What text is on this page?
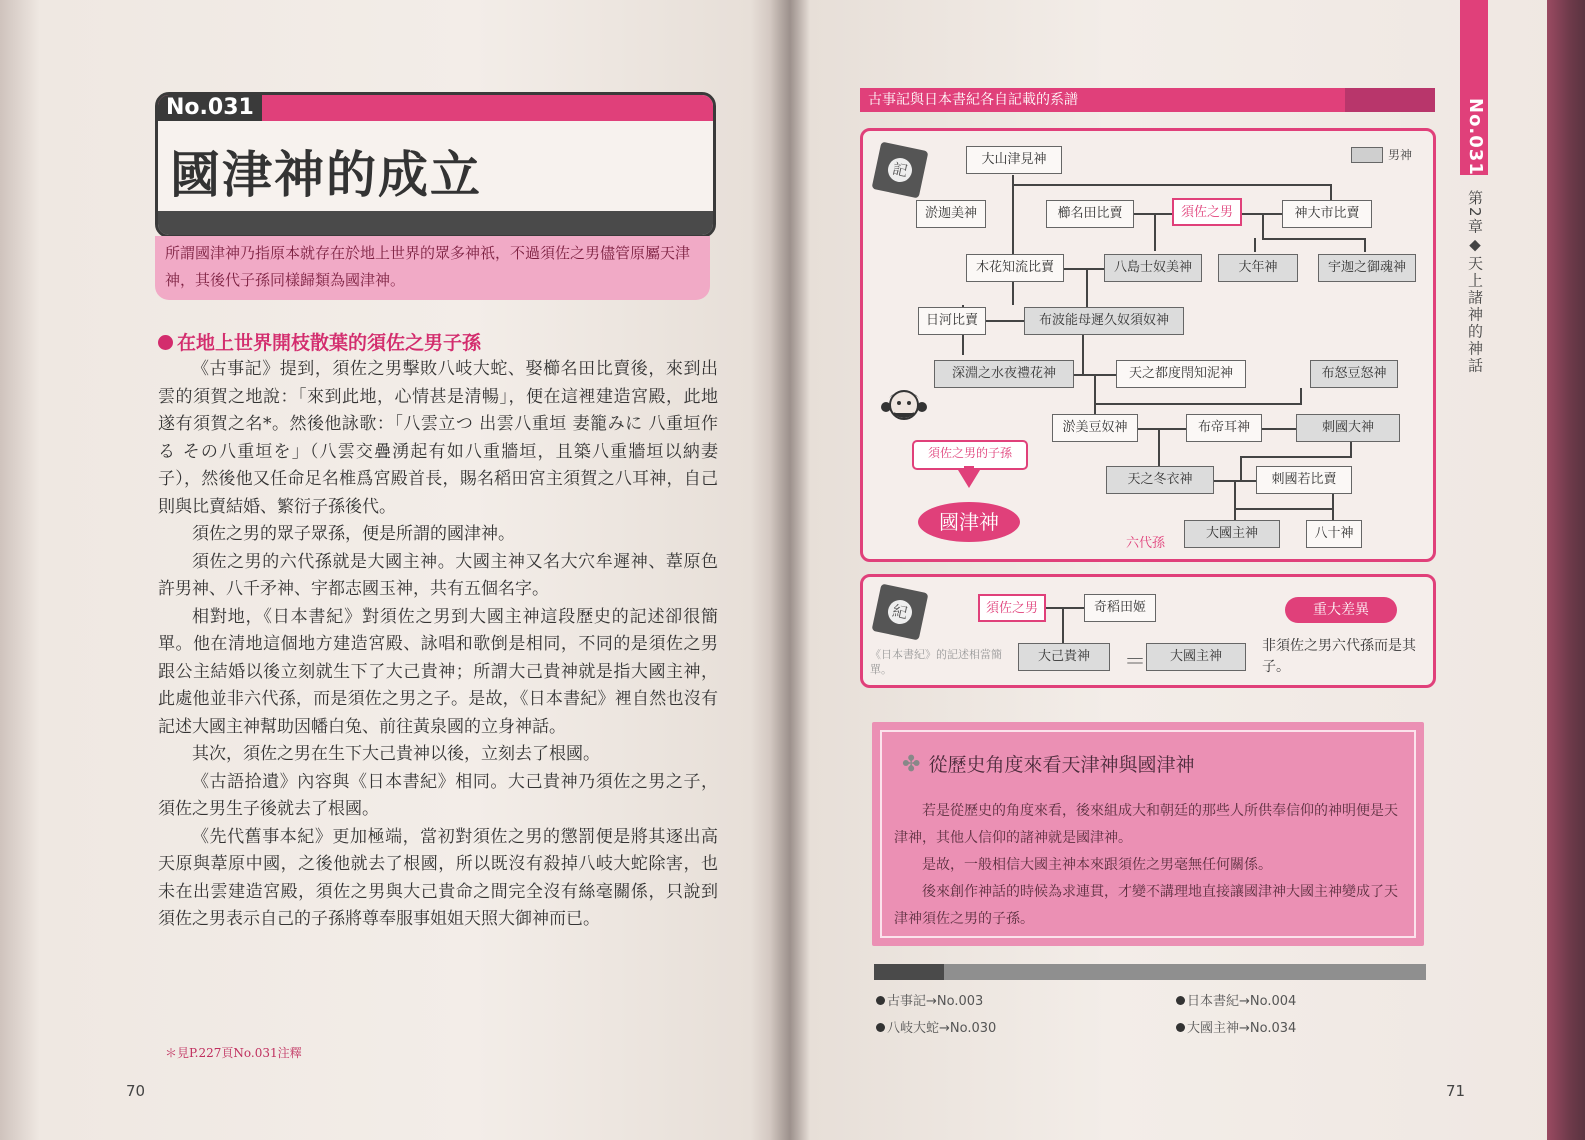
No.031
國津神的成立
所謂國津神乃指原本就存在於地上世界的眾多神祇，不過須佐之男儘管原屬天津神，其後代子孫同樣歸類為國津神。
在地上世界開枝散葉的須佐之男子孫

《古事記》提到，須佐之男擊敗八岐大蛇、娶櫛名田比賣後，來到出雲的須賀之地說：「來到此地，心情甚是清暢」，便在這裡建造宮殿，此地遂有須賀之名*。然後他詠歌：「八雲立つ 出雲八重垣 妻籠みに 八重垣作る その八重垣を」（八雲交疊湧起有如八重牆垣，且築八重牆垣以納妻子），然後他又任命足名椎爲宮殿首長，賜名稻田宮主須賀之八耳神，自己則與比賣結婚、繁衍子孫後代。

須佐之男的眾子眾孫，便是所謂的國津神。

須佐之男的六代孫就是大國主神。大國主神又名大穴牟遲神、葦原色許男神、八千矛神、宇都志國玉神，共有五個名字。

相對地，《日本書紀》對須佐之男到大國主神這段歷史的記述卻很簡單。他在清地這個地方建造宮殿、詠唱和歌倒是相同，不同的是須佐之男跟公主結婚以後立刻就生下了大己貴神；所謂大己貴神就是指大國主神，此處他並非六代孫，而是須佐之男之子。是故，《日本書紀》裡自然也沒有記述大國主神幫助因幡白兔、前往黃泉國的立身神話。

其次，須佐之男在生下大己貴神以後，立刻去了根國。

《古語拾遺》內容與《日本書紀》相同。大己貴神乃須佐之男之子，須佐之男生子後就去了根國。

《先代舊事本紀》更加極端，當初對須佐之男的懲罰便是將其逐出高天原與葦原中國，之後他就去了根國，所以既沒有殺掉八岐大蛇除害，也未在出雲建造宮殿，須佐之男與大己貴命之間完全沒有絲毫關係，只說到須佐之男表示自己的子孫將尊奉服事姐姐天照大御神而已。

＊見P.227頁No.031注釋
70
No.031
第2章◆天上諸神的神話
古事記與日本書紀各自記載的系譜
記
男神
大山津見神
淤迦美神	櫛名田比賣	須佐之男	神大市比賣
木花知流比賣	八島士奴美神	大年神	宇迦之御魂神
日河比賣	布波能母遲久奴須奴神
深淵之水夜禮花神	天之都度閇知泥神	布怒豆怒神
淤美豆奴神	布帝耳神	刺國大神
天之冬衣神	刺國若比賣
大國主神	八十神
須佐之男的子孫
國津神
六代孫
紀	須佐之男	奇稻田姬
大己貴神	＝	大國主神
《日本書紀》的記述相當簡單。
重大差異
非須佐之男六代孫而是其子。
✤ 從歷史角度來看天津神與國津神

若是從歷史的角度來看，後來組成大和朝廷的那些人所供奉信仰的神明便是天津神，其他人信仰的諸神就是國津神。

是故，一般相信大國主神本來跟須佐之男毫無任何關係。

後來創作神話的時候為求連貫，才變不講理地直接讓國津神大國主神變成了天津神須佐之男的子孫。

古事記→No.003	日本書紀→No.004
八岐大蛇→No.030	大國主神→No.034
71
